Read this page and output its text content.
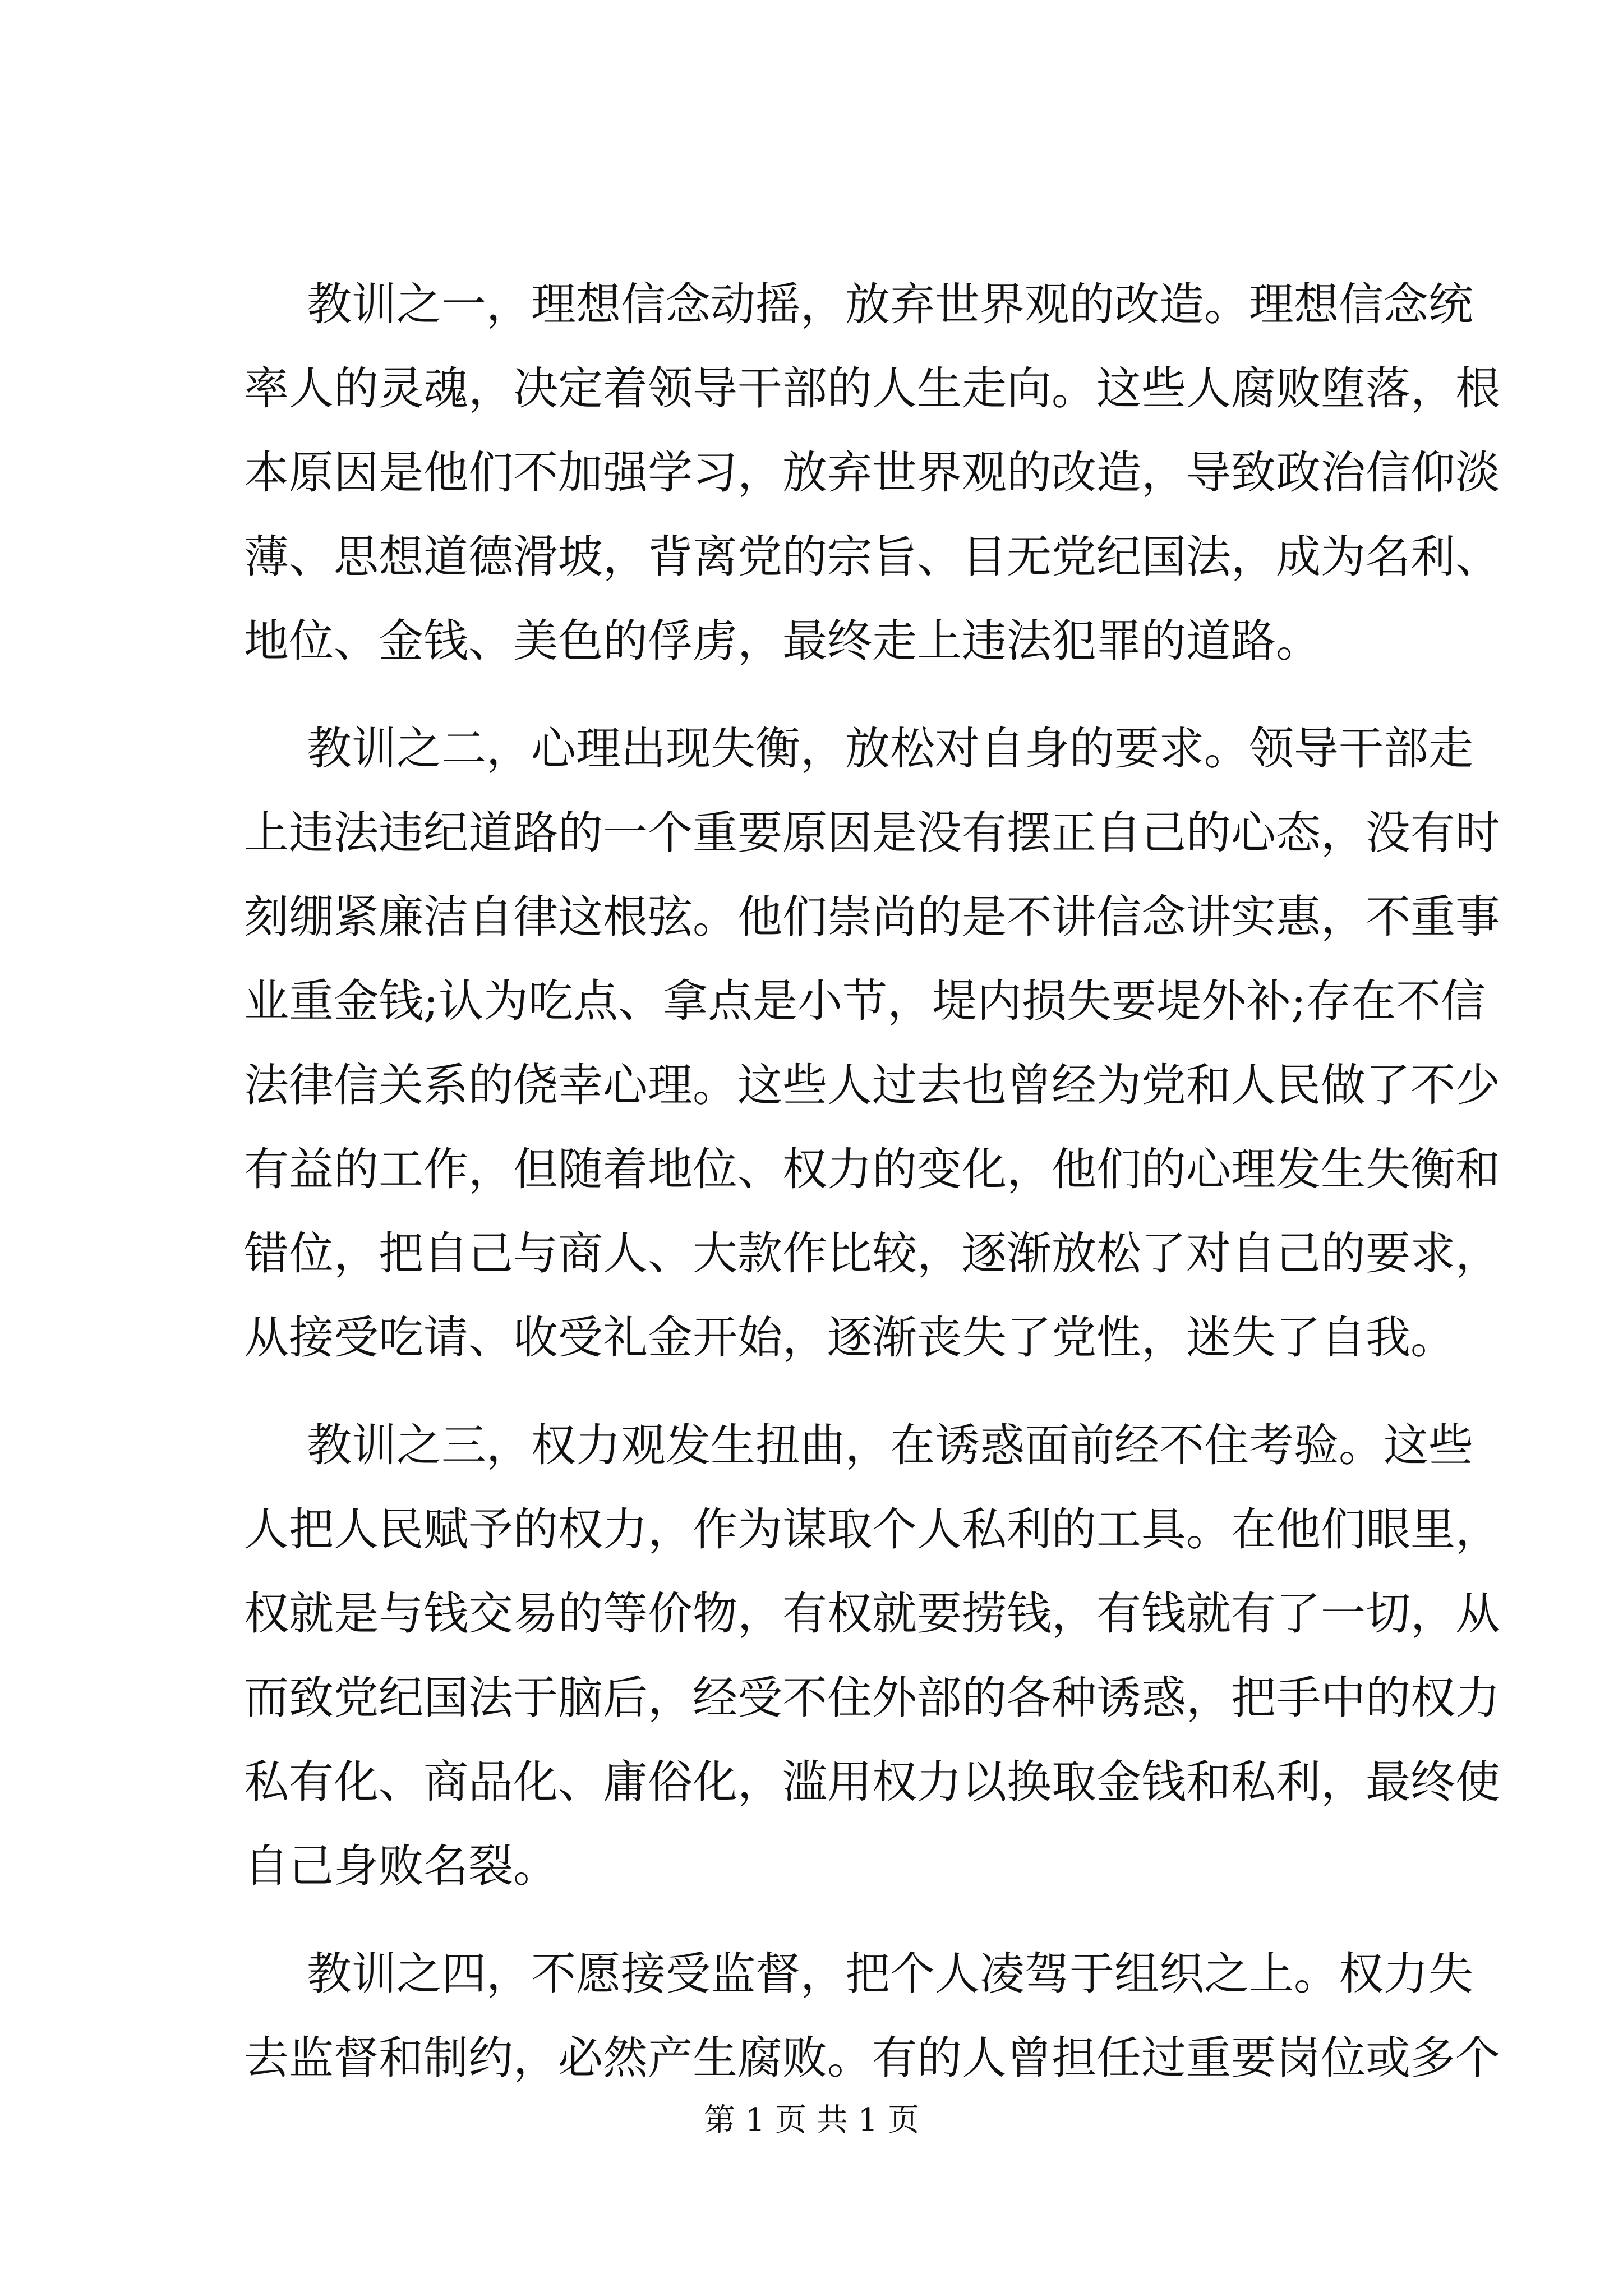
教训之一，理想信念动摇，放弃世界观的改造。理想信念统
率人的灵魂，决定着领导干部的人生走向。这些人腐败堕落，根
本原因是他们不加强学习，放弃世界观的改造，导致政治信仰淡
薄、思想道德滑坡，背离党的宗旨、目无党纪国法，成为名利、
地位、金钱、美色的俘虏，最终走上违法犯罪的道路。
教训之二，心理出现失衡，放松对自身的要求。领导干部走
上违法违纪道路的一个重要原因是没有摆正自己的心态，没有时
刻绷紧廉洁自律这根弦。他们崇尚的是不讲信念讲实惠，不重事
业重金钱;认为吃点、拿点是小节，堤内损失要堤外补;存在不信
法律信关系的侥幸心理。这些人过去也曾经为党和人民做了不少
有益的工作，但随着地位、权力的变化，他们的心理发生失衡和
错位，把自己与商人、大款作比较，逐渐放松了对自己的要求，
从接受吃请、收受礼金开始，逐渐丧失了党性，迷失了自我。
教训之三，权力观发生扭曲，在诱惑面前经不住考验。这些
人把人民赋予的权力，作为谋取个人私利的工具。在他们眼里，
权就是与钱交易的等价物，有权就要捞钱，有钱就有了一切，从
而致党纪国法于脑后，经受不住外部的各种诱惑，把手中的权力
私有化、商品化、庸俗化，滥用权力以换取金钱和私利，最终使
自己身败名裂。
教训之四，不愿接受监督，把个人凌驾于组织之上。权力失
去监督和制约，必然产生腐败。有的人曾担任过重要岗位或多个
第 1 页 共 1 页
